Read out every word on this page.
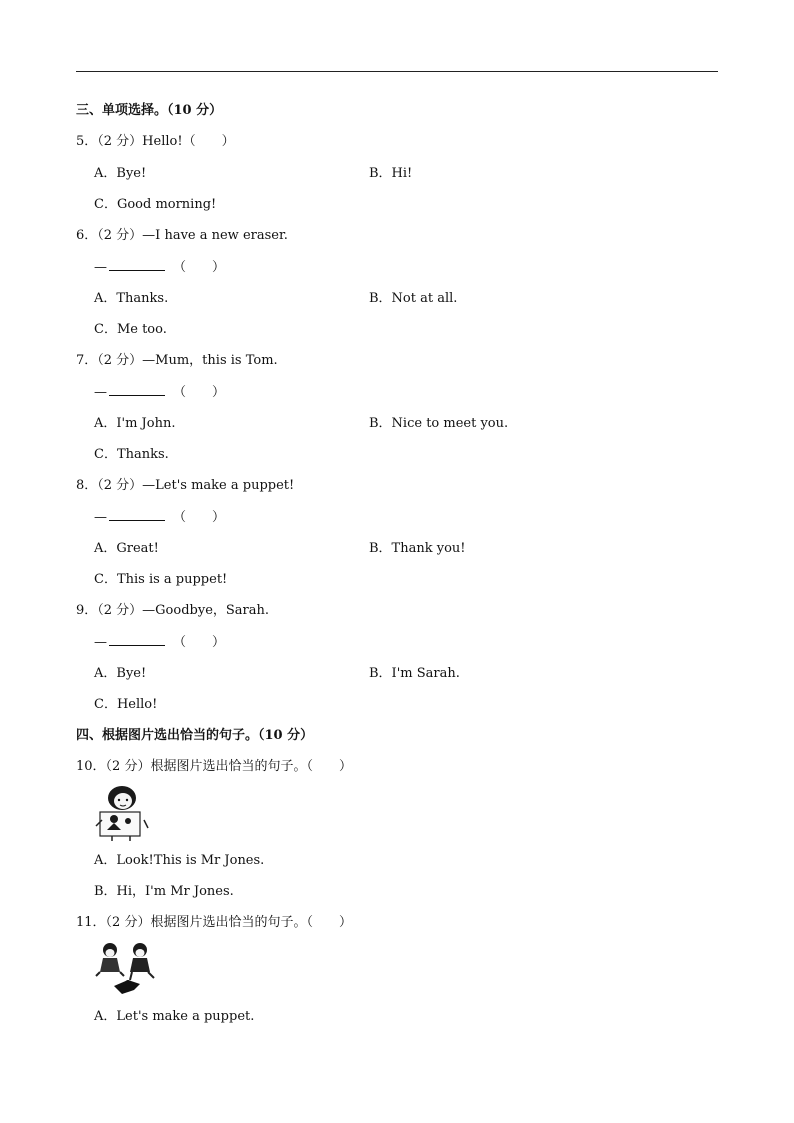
三、单项选择。（10 分）
5．（2 分）Hello!（　　）
A．Bye!	B．Hi!
C．Good morning!
6．（2 分）—I have a new eraser.
—	（　　）
A．Thanks.	B．Not at all.
C．Me too.
7．（2 分）—Mum，this is Tom.
—	（　　）
A．I'm John.	B．Nice to meet you.
C．Thanks.
8．（2 分）—Let's make a puppet!
—	（　　）
A．Great!	B．Thank you!
C．This is a puppet!
9．（2 分）—Goodbye，Sarah.
—	（　　）
A．Bye!	B．I'm Sarah.
C．Hello!
四、根据图片选出恰当的句子。（10 分）
10．（2 分）根据图片选出恰当的句子。（　　）
A．Look!This is Mr Jones.
B．Hi，I'm Mr Jones.
11．（2 分）根据图片选出恰当的句子。（　　）
A．Let's make a puppet.
